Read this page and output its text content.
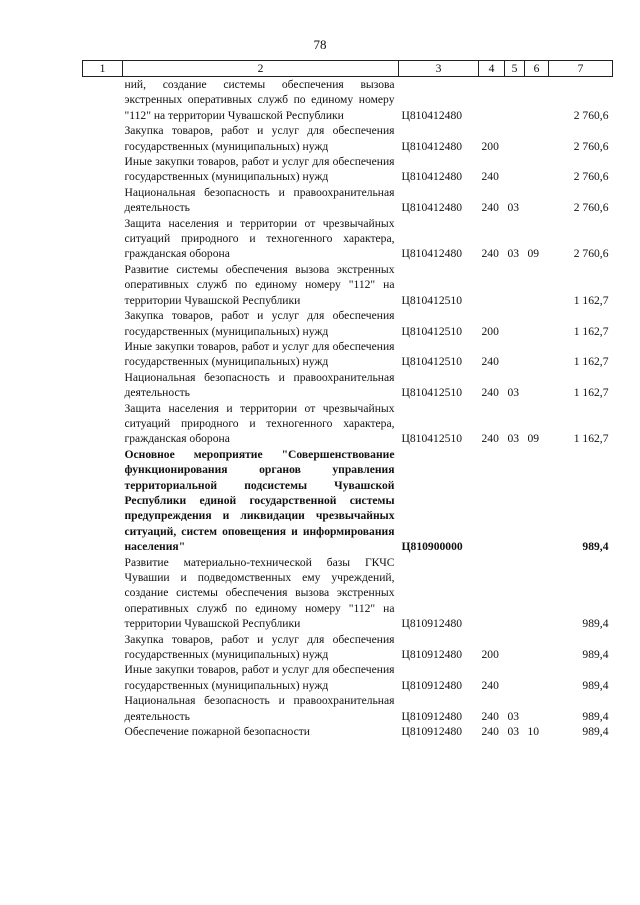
78
1	2	3	4	5	6	7
	ний, создание системы обеспечения вызова экстренных оперативных служб по единому номеру "112" на территории Чувашской Республики	Ц810412480				2 760,6
	Закупка товаров, работ и услуг для обеспечения государственных (муниципальных) нужд	Ц810412480	200			2 760,6
	Иные закупки товаров, работ и услуг для обеспечения государственных (муниципальных) нужд	Ц810412480	240			2 760,6
	Национальная безопасность и правоохранительная деятельность	Ц810412480	240	03		2 760,6
	Защита населения и территории от чрезвычайных ситуаций природного и техногенного характера, гражданская оборона	Ц810412480	240	03	09	2 760,6
	Развитие системы обеспечения вызова экстренных оперативных служб по единому номеру "112" на территории Чувашской Республики	Ц810412510				1 162,7
	Закупка товаров, работ и услуг для обеспечения государственных (муниципальных) нужд	Ц810412510	200			1 162,7
	Иные закупки товаров, работ и услуг для обеспечения государственных (муниципальных) нужд	Ц810412510	240			1 162,7
	Национальная безопасность и правоохранительная деятельность	Ц810412510	240	03		1 162,7
	Защита населения и территории от чрезвычайных ситуаций природного и техногенного характера, гражданская оборона	Ц810412510	240	03	09	1 162,7
	Основное мероприятие "Совершенствование функционирования органов управления территориальной подсистемы Чувашской Республики единой государственной системы предупреждения и ликвидации чрезвычайных ситуаций, систем оповещения и информирования населения"	Ц810900000				989,4
	Развитие материально-технической базы ГКЧС Чувашии и подведомственных ему учреждений, создание системы обеспечения вызова экстренных оперативных служб по единому номеру "112" на территории Чувашской Республики	Ц810912480				989,4
	Закупка товаров, работ и услуг для обеспечения государственных (муниципальных) нужд	Ц810912480	200			989,4
	Иные закупки товаров, работ и услуг для обеспечения государственных (муниципальных) нужд	Ц810912480	240			989,4
	Национальная безопасность и правоохранительная деятельность	Ц810912480	240	03		989,4
	Обеспечение пожарной безопасности	Ц810912480	240	03	10	989,4
